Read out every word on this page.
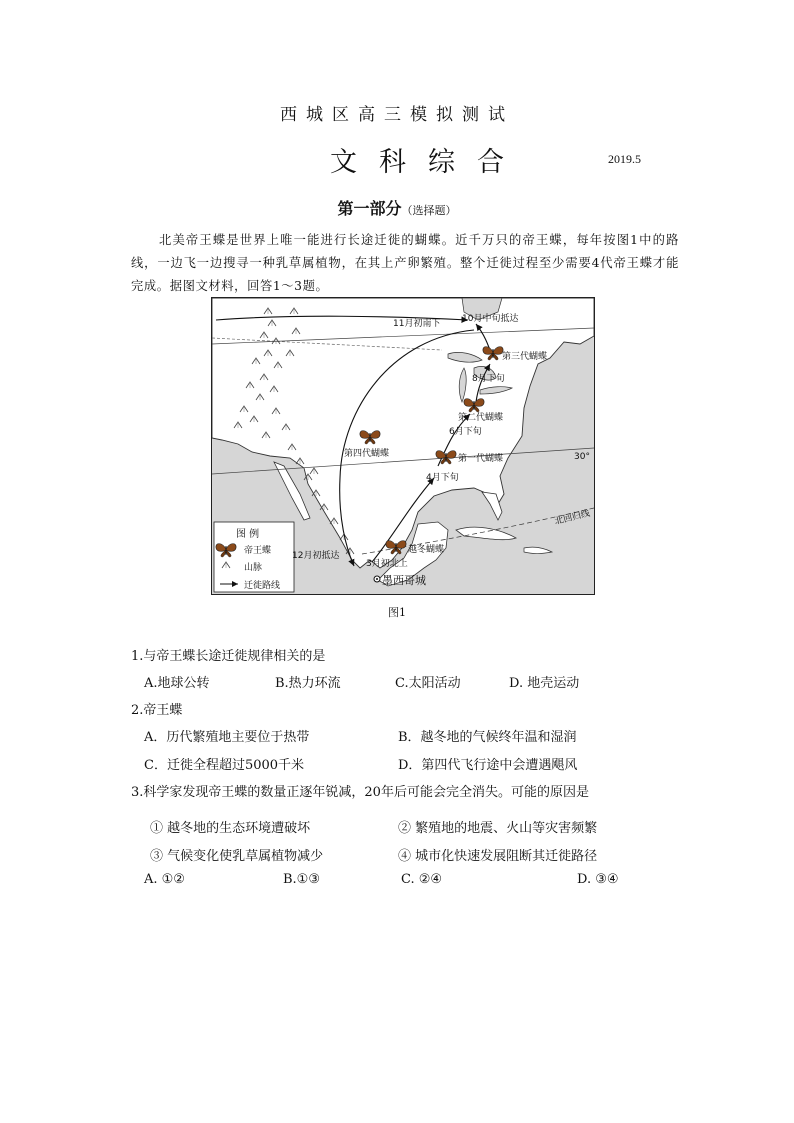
西城区高三模拟测试
文科综合	2019.5
第一部分（选择题）
北美帝王蝶是世界上唯一能进行长途迁徙的蝴蝶。近千万只的帝王蝶，每年按图1中的路线，一边飞一边搜寻一种乳草属植物，在其上产卵繁殖。整个迁徙过程至少需要4代帝王蝶才能完成。据图文材料，回答1～3题。
11月初南下 10月中旬抵达
第三代蝴蝶
8月下旬
第二代蝴蝶
6月下旬
第四代蝴蝶	第一代蝴蝶
4月下旬
30°
北回归线
12月初抵达
3月初北上
越冬蝴蝶
墨西哥城
图 例
帝王蝶
山脉
迁徙路线
图1
1.与帝王蝶长途迁徙规律相关的是
A.地球公转	B.热力环流	C.太阳活动	D. 地壳运动
2.帝王蝶
A．历代繁殖地主要位于热带	B．越冬地的气候终年温和湿润
C．迁徙全程超过5000千米	D．第四代飞行途中会遭遇飓风
3.科学家发现帝王蝶的数量正逐年锐减，20年后可能会完全消失。可能的原因是
① 越冬地的生态环境遭破坏	② 繁殖地的地震、火山等灾害频繁
③ 气候变化使乳草属植物减少	④ 城市化快速发展阻断其迁徙路径
A. ①②	B.①③	C. ②④	D. ③④
